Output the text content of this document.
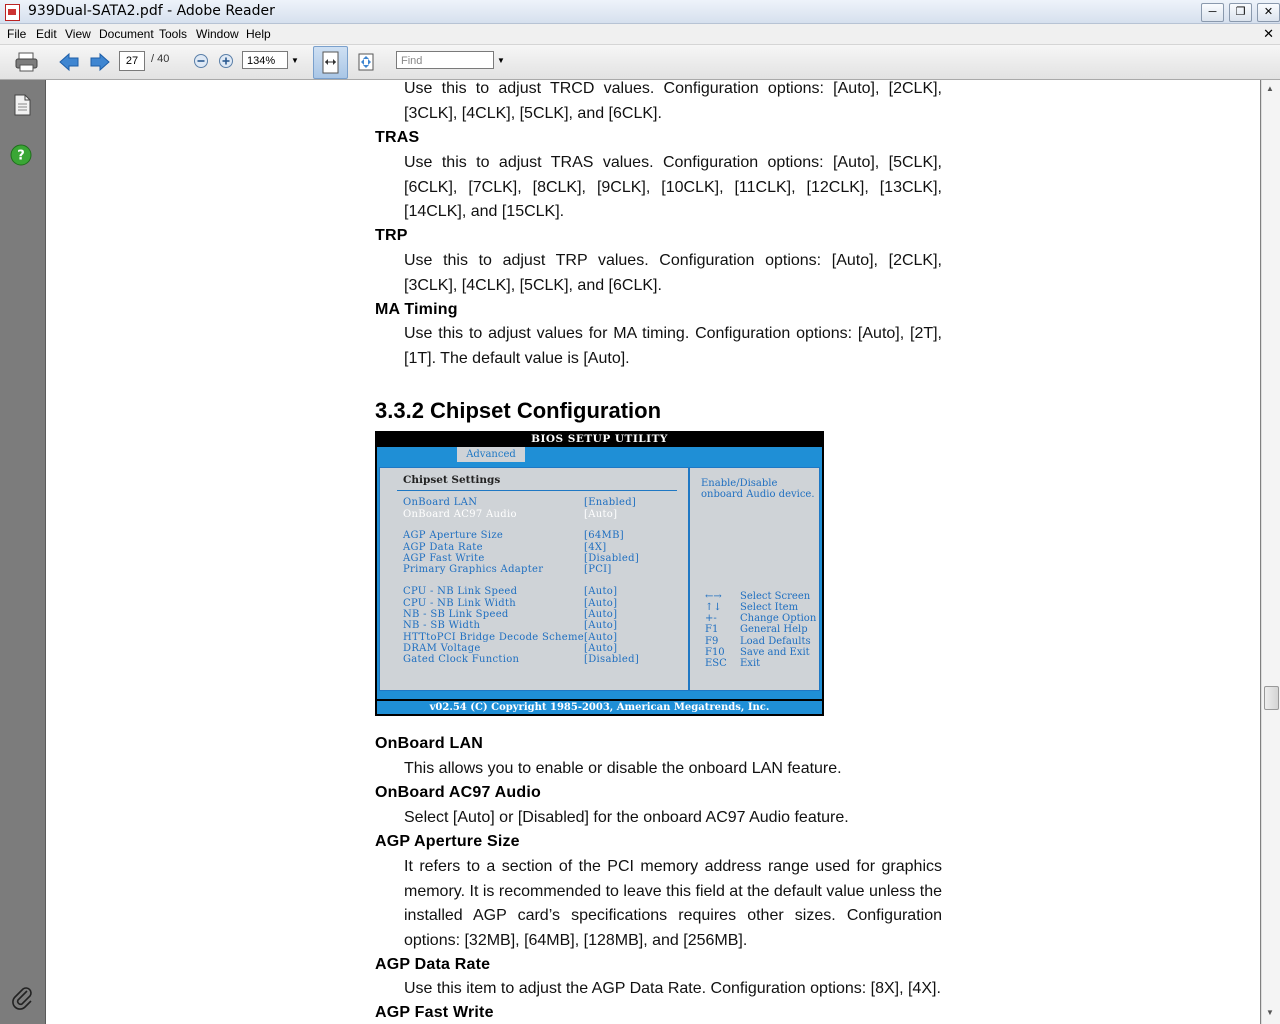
939Dual-SATA2.pdf - Adobe Reader	─	❐	✕
File Edit View Document Tools Window Help	✕
27	/ 40	134%	▼	Find	▼
?
Use this to adjust TRCD values. Configuration options: [Auto], [2CLK], [3CLK], [4CLK], [5CLK], and [6CLK].
TRAS
Use this to adjust TRAS values. Configuration options: [Auto], [5CLK], [6CLK], [7CLK], [8CLK], [9CLK], [10CLK], [11CLK], [12CLK], [13CLK], [14CLK], and [15CLK].
TRP
Use this to adjust TRP values. Configuration options: [Auto], [2CLK], [3CLK], [4CLK], [5CLK], and [6CLK].
MA Timing
Use this to adjust values for MA timing. Configuration options: [Auto], [2T], [1T]. The default value is [Auto].
3.3.2 Chipset Configuration
BIOS SETUP UTILITY
Advanced
Chipset Settings
OnBoard LAN	[Enabled]
OnBoard AC97 Audio	[Auto]
AGP Aperture Size	[64MB]
AGP Data Rate	[4X]
AGP Fast Write	[Disabled]
Primary Graphics Adapter	[PCI]
CPU - NB Link Speed	[Auto]
CPU - NB Link Width	[Auto]
NB - SB Link Speed	[Auto]
NB - SB Width	[Auto]
HTTtoPCI Bridge Decode Scheme [Auto]
DRAM Voltage	[Auto]
Gated Clock Function	[Disabled]
Enable/Disable onboard Audio device.
←→ Select Screen
↑↓ Select Item
+- Change Option
F1 General Help
F9 Load Defaults
F10 Save and Exit
ESC Exit
v02.54 (C) Copyright 1985-2003, American Megatrends, Inc.
OnBoard LAN
This allows you to enable or disable the onboard LAN feature.
OnBoard AC97 Audio
Select [Auto] or [Disabled] for the onboard AC97 Audio feature.
AGP Aperture Size
It refers to a section of the PCI memory address range used for graphics memory. It is recommended to leave this field at the default value unless the installed AGP card’s specifications requires other sizes. Configuration options: [32MB], [64MB], [128MB], and [256MB].
AGP Data Rate
Use this item to adjust the AGP Data Rate. Configuration options: [8X], [4X].
AGP Fast Write
▲
▼
